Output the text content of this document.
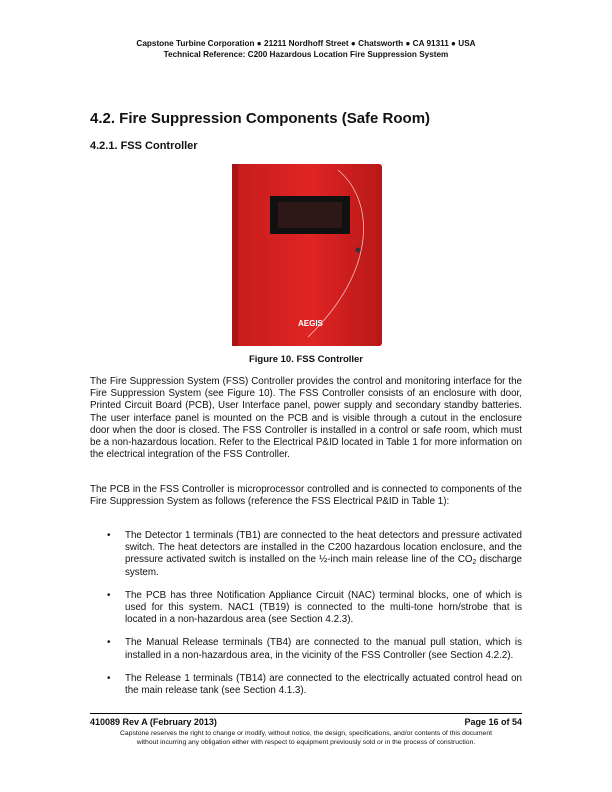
Capstone Turbine Corporation ● 21211 Nordhoff Street ● Chatsworth ● CA 91311 ● USA
Technical Reference: C200 Hazardous Location Fire Suppression System
4.2. Fire Suppression Components (Safe Room)
4.2.1. FSS Controller
AEGIS
Figure 10. FSS Controller

The Fire Suppression System (FSS) Controller provides the control and monitoring interface for the Fire Suppression System (see Figure 10). The FSS Controller consists of an enclosure with door, Printed Circuit Board (PCB), User Interface panel, power supply and secondary standby batteries. The user interface panel is mounted on the PCB and is visible through a cutout in the enclosure door when the door is closed. The FSS Controller is installed in a control or safe room, which must be a non-hazardous location. Refer to the Electrical P&ID located in Table 1 for more information on the electrical integration of the FSS Controller.

The PCB in the FSS Controller is microprocessor controlled and is connected to components of the Fire Suppression System as follows (reference the FSS Electrical P&ID in Table 1):

• The Detector 1 terminals (TB1) are connected to the heat detectors and pressure activated switch. The heat detectors are installed in the C200 hazardous location enclosure, and the pressure activated switch is installed on the ½-inch main release line of the $CO_2$ discharge system.
• The PCB has three Notification Appliance Circuit (NAC) terminal blocks, one of which is used for this system. NAC1 (TB19) is connected to the multi-tone horn/strobe that is located in a non-hazardous area (see Section 4.2.3).
• The Manual Release terminals (TB4) are connected to the manual pull station, which is installed in a non-hazardous area, in the vicinity of the FSS Controller (see Section 4.2.2).
• The Release 1 terminals (TB14) are connected to the electrically actuated control head on the main release tank (see Section 4.1.3).
410089 Rev A (February 2013)	Page 16 of 54
Capstone reserves the right to change or modify, without notice, the design, specifications, and/or contents of this document without incurring any obligation either with respect to equipment previously sold or in the process of construction.
